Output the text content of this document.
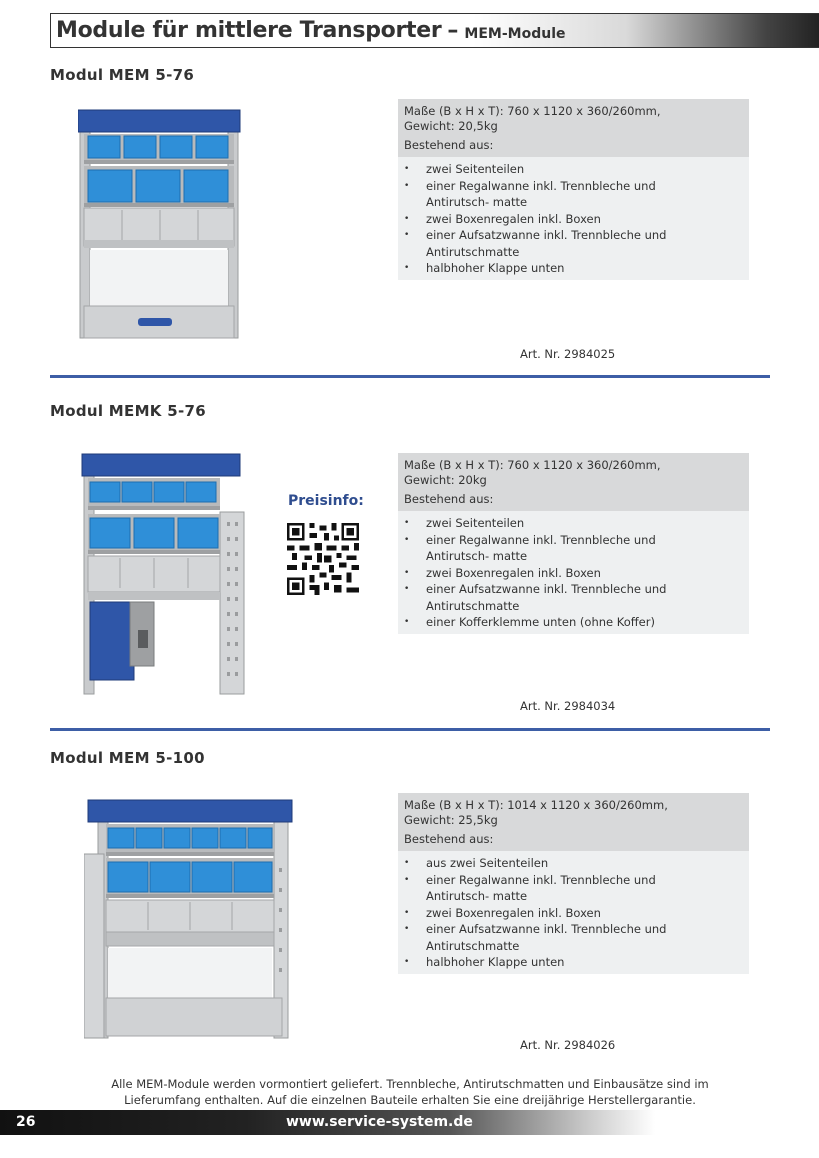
Module für mittlere Transporter – MEM-Module
Modul MEM 5-76
Maße (B x H x T): 760 x 1120 x 360/260mm,
Gewicht: 20,5kg
Bestehend aus:
• zwei Seitenteilen
• einer Regalwanne inkl. Trennbleche und
Antirutsch- matte
• zwei Boxenregalen inkl. Boxen
• einer Aufsatzwanne inkl. Trennbleche und
Antirutschmatte
• halbhoher Klappe unten
Art. Nr. 2984025
Modul MEMK 5-76
Preisinfo:
Maße (B x H x T): 760 x 1120 x 360/260mm,
Gewicht: 20kg
Bestehend aus:
• zwei Seitenteilen
• einer Regalwanne inkl. Trennbleche und
Antirutsch- matte
• zwei Boxenregalen inkl. Boxen
• einer Aufsatzwanne inkl. Trennbleche und
Antirutschmatte
• einer Kofferklemme unten (ohne Koffer)
Art. Nr. 2984034
Modul MEM 5-100
Maße (B x H x T): 1014 x 1120 x 360/260mm,
Gewicht: 25,5kg
Bestehend aus:
• aus zwei Seitenteilen
• einer Regalwanne inkl. Trennbleche und
Antirutsch- matte
• zwei Boxenregalen inkl. Boxen
• einer Aufsatzwanne inkl. Trennbleche und
Antirutschmatte
• halbhoher Klappe unten
Art. Nr. 2984026
Alle MEM-Module werden vormontiert geliefert. Trennbleche, Antirutschmatten und Einbausätze sind im
Lieferumfang enthalten. Auf die einzelnen Bauteile erhalten Sie eine dreijährige Herstellergarantie.
26	www.service-system.de
